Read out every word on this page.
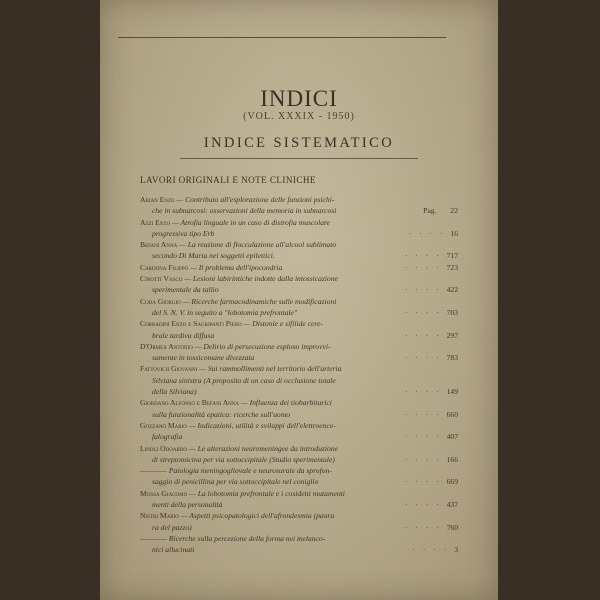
INDICI
(VOL. XXXIX - 1950)
INDICE SISTEMATICO
LAVORI ORIGINALI E NOTE CLINICHE
Arian Enzo — Contributo all'esplorazione delle funzioni psichi-
che in subnarcosi: osservazioni della memoria in subnarcosi	Pag. 22
Azzi Enzo — Atrofia linguale in un caso di distrofia muscolare
progressiva tipo Erb	· · · · 16
Befani Anna — La reazione di flocculazione all'alcool sublimato
secondo Di Maria nei soggetti epilettici.	· · · · 717
Cardona Filippo — Il problema dell'ipocondria	· · · · 723
Cinotti Vasco — Lesioni labirintiche indotte dalla intossicazione
sperimentale da tallio	· · · · 422
Coda Giorgio — Ricerche farmacodinamiche sulle modificazioni
del S. N. V. in seguito a "lobotomia prefrontale"	· · · · 703
Corradini Enzo e Sagripanti Piero — Distonie e sifilide cere-
brale tardiva diffusa	· · · · 297
D'Ormea Antonio — Delirio di persecuzione esploso improvvi-
samente in tossicomane divezzata	· · · · 783
Fattovich Giovanni — Sui rammollimenti nel territorio dell'arteria
Silviana sinistra (A proposito di un caso di occlusione totale
della Silviana)	· · · · 149
Giordano Alfonso e Befani Anna — Influenza dei tiobarbiturici
sulla funzionalità epatica: ricerche sull'uomo	· · · · 660
Gozzano Mario — Indicazioni, utilità e sviluppi dell'elettroence-
falografia	· · · · 407
Lindli Odoardo — Le alterazioni neuromeningee da introduzione
di streptomicina per via sottoccipitale (Studio sperimentale)	· · · · 166
———— Patologia meningogliovale e neurosurale da sprofon-
saggio di penicillina per via sottoccipitale nel coniglio	· · · · 669
Mossa Giacomo — La lobotomia prefrontale e i cosidetti mutamenti
menti della personalità	· · · · 437
Nistri Mario — Aspetti psicopatologici dell'afrondesmia (paura
ra del pazzo)	· · · · 760
———— Ricerche sulla percezione della forma nei melanco-
nici allucinati	· · · · 3
